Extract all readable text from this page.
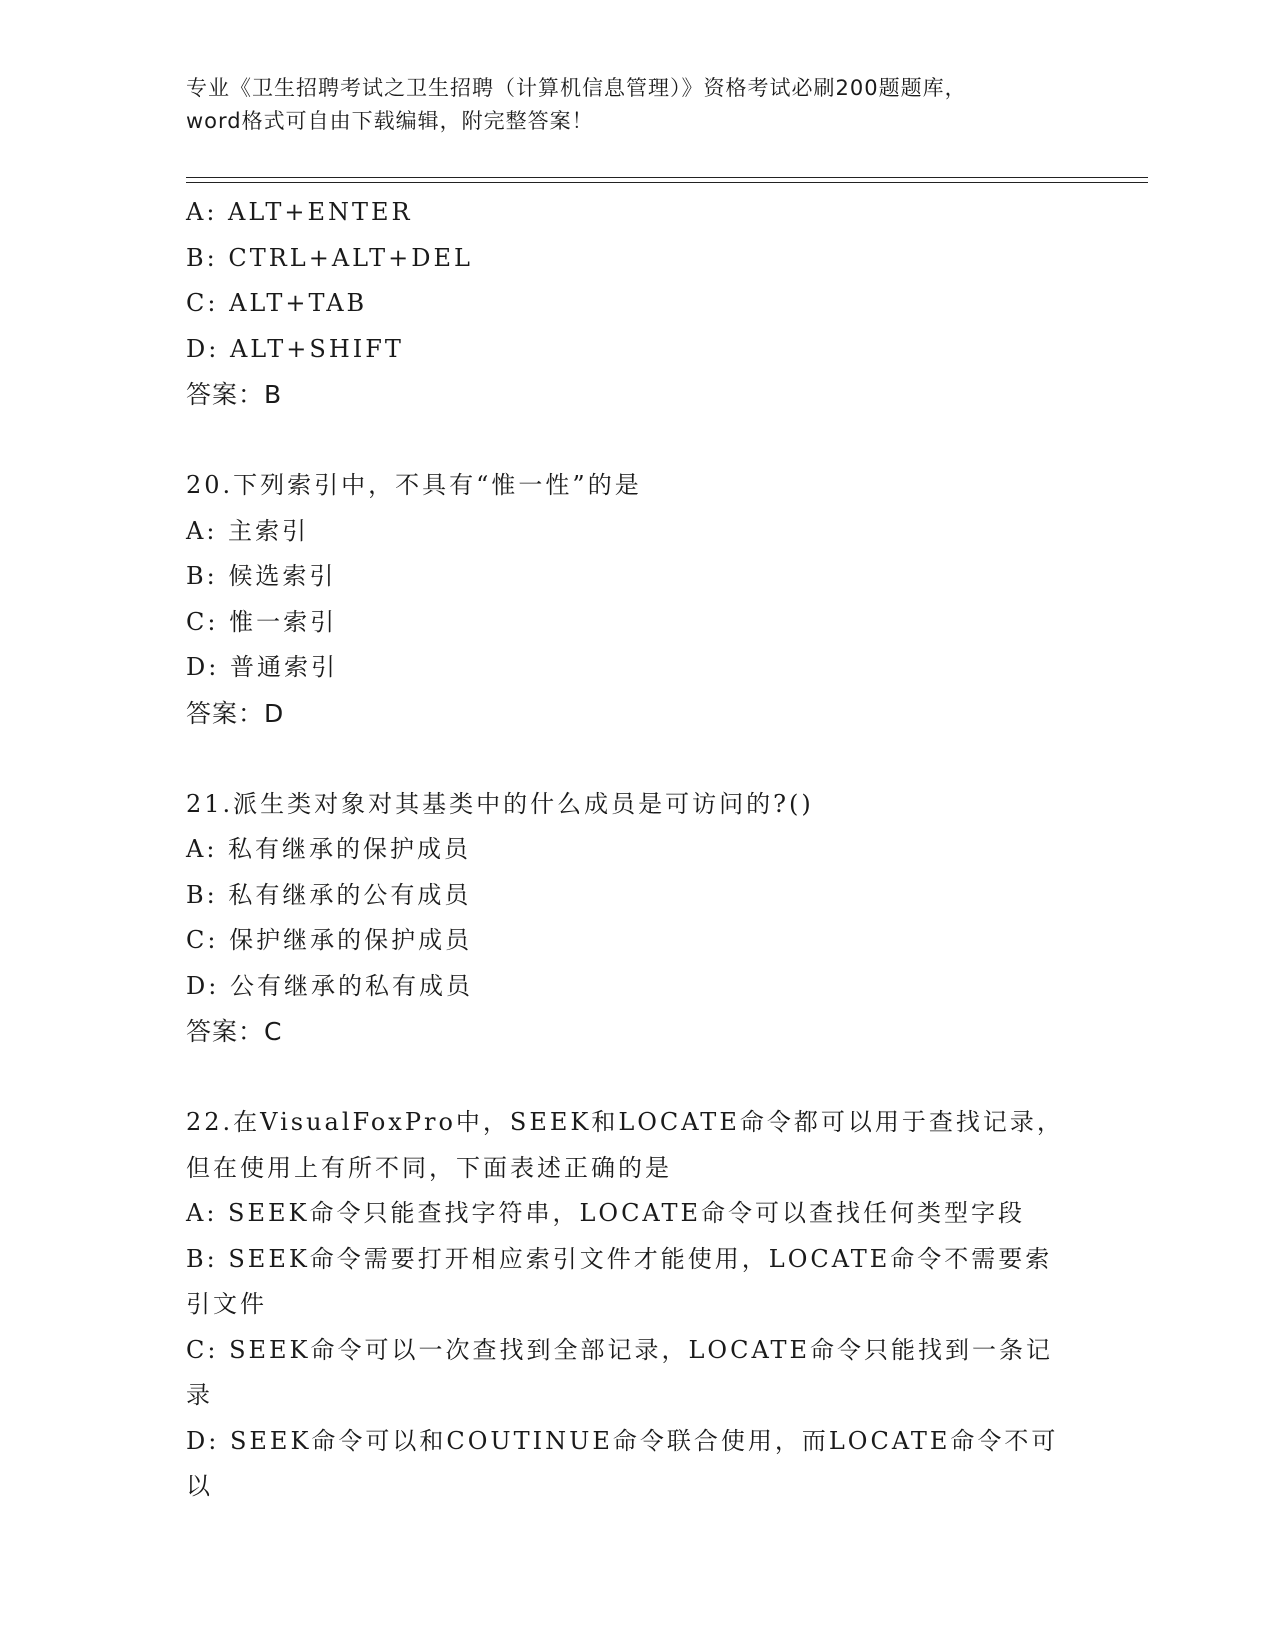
专业《卫生招聘考试之卫生招聘（计算机信息管理）》资格考试必刷200题题库，
word格式可自由下载编辑，附完整答案！
A: ALT+ENTER
B: CTRL+ALT+DEL
C: ALT+TAB
D: ALT+SHIFT
答案：B
20.下列索引中，不具有“惟一性”的是
A: 主索引
B: 候选索引
C: 惟一索引
D: 普通索引
答案：D
21.派生类对象对其基类中的什么成员是可访问的?()
A: 私有继承的保护成员
B: 私有继承的公有成员
C: 保护继承的保护成员
D: 公有继承的私有成员
答案：C
22.在VisualFoxPro中，SEEK和LOCATE命令都可以用于查找记录，但在使用上有所不同，下面表述正确的是
A: SEEK命令只能查找字符串，LOCATE命令可以查找任何类型字段
B: SEEK命令需要打开相应索引文件才能使用，LOCATE命令不需要索引文件
C: SEEK命令可以一次查找到全部记录，LOCATE命令只能找到一条记录
D: SEEK命令可以和COUTINUE命令联合使用，而LOCATE命令不可以
